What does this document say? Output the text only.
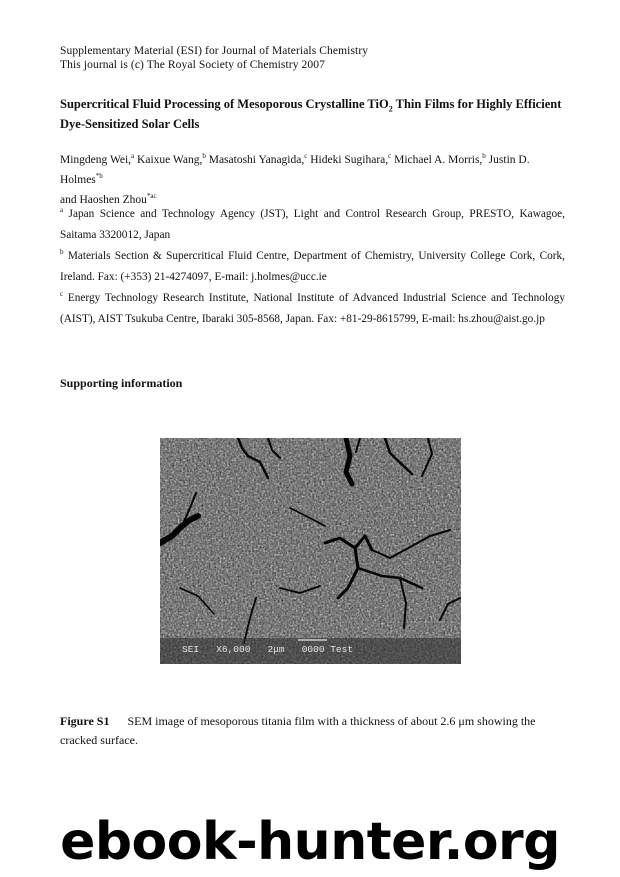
Supplementary Material (ESI) for Journal of Materials Chemistry
This journal is (c) The Royal Society of Chemistry 2007
Supercritical Fluid Processing of Mesoporous Crystalline TiO$_2$ Thin Films for Highly Efficient Dye-Sensitized Solar Cells
Mingdeng Wei,$^a$ Kaixue Wang,$^b$ Masatoshi Yanagida,$^c$ Hideki Sugihara,$^c$ Michael A. Morris,$^b$ Justin D. Holmes$^{*b}$
and Haoshen Zhou$^{*ac}$
$^a$ Japan Science and Technology Agency (JST), Light and Control Research Group, PRESTO, Kawagoe, Saitama 3320012, Japan
$^b$ Materials Section & Supercritical Fluid Centre, Department of Chemistry, University College Cork, Cork, Ireland. Fax: (+353) 21-4274097, E-mail: j.holmes@ucc.ie
$^c$ Energy Technology Research Institute, National Institute of Advanced Industrial Science and Technology (AIST), AIST Tsukuba Centre, Ibaraki 305-8568, Japan. Fax: +81-29-8615799, E-mail: hs.zhou@aist.go.jp
Supporting information
SEI   X6,000   2μm   0000 Test
Figure S1 SEM image of mesoporous titania film with a thickness of about 2.6 μm showing the cracked surface.
ebook-hunter.org
